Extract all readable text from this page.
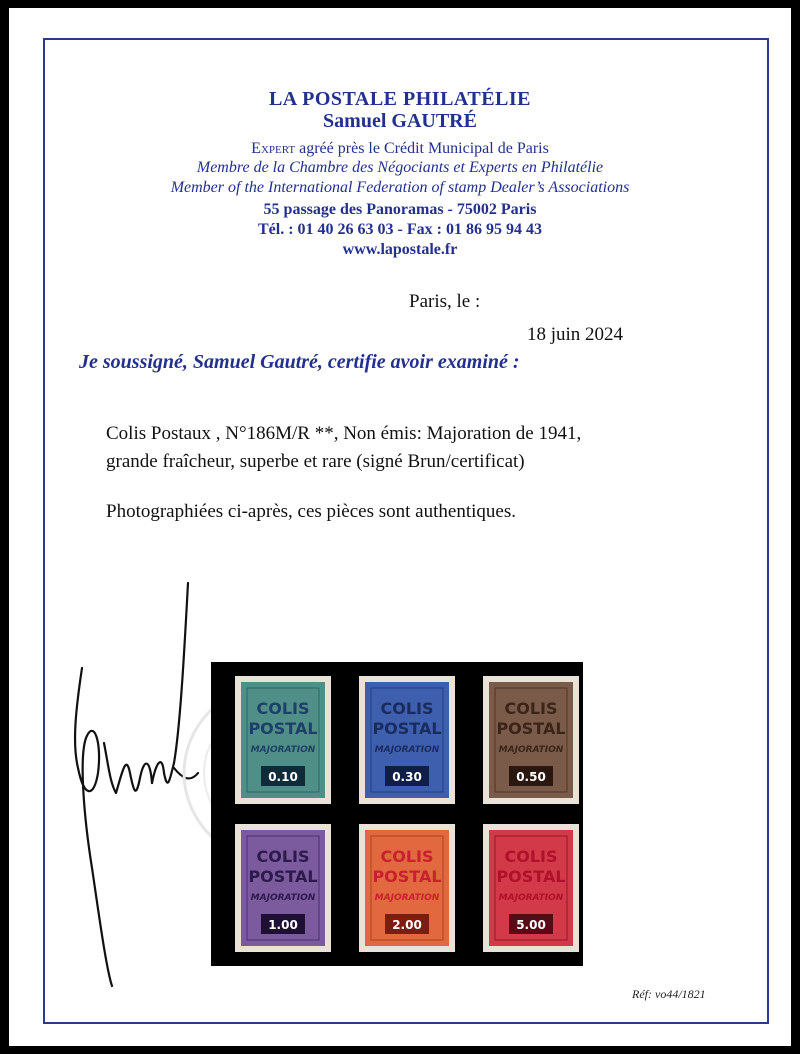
LA POSTALE PHILATÉLIE
Samuel GAUTRÉ
Expert agréé près le Crédit Municipal de Paris
Membre de la Chambre des Négociants et Experts en Philatélie
Member of the International Federation of stamp Dealer’s Associations
55 passage des Panoramas - 75002 Paris
Tél. : 01 40 26 63 03 - Fax : 01 86 95 94 43
www.lapostale.fr
Paris, le :
18 juin 2024
Je soussigné, Samuel Gautré, certifie avoir examiné :
Colis Postaux , N°186M/R **, Non émis: Majoration de 1941,
grande fraîcheur, superbe et rare (signé Brun/certificat)
Photographiées ci-après, ces pièces sont authentiques.
COLIS
POSTAL
MAJORATION
0.10
COLIS
POSTAL
MAJORATION
0.30
COLIS
POSTAL
MAJORATION
0.50
COLIS
POSTAL
MAJORATION
1.00
COLIS
POSTAL
MAJORATION
2.00
COLIS
POSTAL
MAJORATION
5.00
Réf: vo44/1821
